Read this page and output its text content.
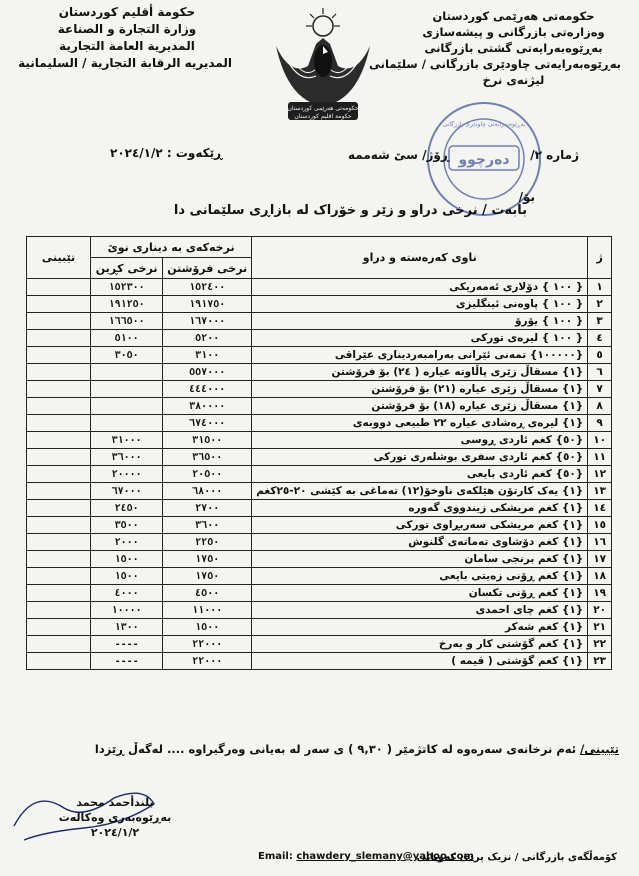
حکومەتی هەرێمی کوردستان
وەزارەتی بازرگانی و پیشەسازی
بەڕێوەبەرایەتی گشتی بازرگانی
بەڕێوەبەرایەتی چاودێری بازرگانی / سلێمانی
لیژنەی نرخ
حكومة أقليم كوردستان
وزارة التجارة و الصناعة
المديرية العامة التجارية
المديريه الرقابة التجارية / السليمانية
حکومەتی هەرێمی کوردستان
حكومة اقليم كوردستان
دەرچوو
بەڕێوەبەرایەتی چاودێری بازرگانی
ژمارە ٢/
ڕۆژ/ سێ شەممە
ڕێکەوت : ٢٠٢٤/١/٢
بۆ/
بابەت / نرخی دراو و زێر و خۆراک لە بازاڕی سلێمانی دا
ژ	ناوی کەرەستە و دراو	نرخەکەی بە دیناری نوێ		تێبینی
		نرخی فرۆشتن	نرخی کڕین	
١	{ ١٠٠ } دۆلاری ئەمەریکی	١٥٢٤٠٠	١٥٢٣٠٠	
٢	{ ١٠٠ } پاوەنی ئینگلیزی	١٩١٧٥٠	١٩١٢٥٠	
٣	{ ١٠٠ } یۆرۆ	١٦٧٠٠٠	١٦٦٥٠٠	
٤	{ ١٠٠ } لیرەی تورکی	٥٢٠٠	٥١٠٠	
٥	{١٠٠٠٠٠} تمەنی ئێرانی بەرامبەردیناری عێراقی	٣١٠٠	٣٠٥٠	
٦	{١} مسقاڵ زێری پاڵاوتە عیارە ( ٢٤) بۆ فرۆشتن	٥٥٧٠٠٠		
٧	{١} مسقاڵ زێری عیارە (٢١) بۆ فرۆشتن	٤٤٤٠٠٠		
٨	{١} مسقاڵ زێری عیارە (١٨) بۆ فرۆشتن	٣٨٠٠٠٠		
٩	{١} لیرەی ڕەشادی عیارە ٢٢ طبیعی دووبەی	٦٧٤٠٠٠		
١٠	{٥٠} کغم ئاردی ڕوسی	٣١٥٠٠	٣١٠٠٠	
١١	{٥٠} کغم ئاردی سفری بوشلەری تورکی	٣٦٥٠٠	٣٦٠٠٠	
١٢	{٥٠} کغم ئاردی بایعی	٢٠٥٠٠	٢٠٠٠٠	
١٣	{١} یەک کارتۆن هێلکەی ناوخۆ(١٢) تەماغی بە کێشی ٢٠-٢٥کغم	٦٨٠٠٠	٦٧٠٠٠	
١٤	{١} کغم مریشکی زیندووی گەورە	٢٧٠٠	٢٤٥٠	
١٥	{١} کغم مریشکی سەربڕاوی تورکی	٣٦٠٠	٣٥٠٠	
١٦	{١} کغم دۆشاوی تەماتەی گلنوش	٢٢٥٠	٢٠٠٠	
١٧	{١} کغم برنجی سامان	١٧٥٠	١٥٠٠	
١٨	{١} کغم ڕۆنی زەیتی بایعی	١٧٥٠	١٥٠٠	
١٩	{١} کغم ڕۆنی تکسان	٤٥٠٠	٤٠٠٠	
٢٠	{١} کغم چای احمدی	١١٠٠٠	١٠٠٠٠	
٢١	{١} کغم شەکر	١٥٠٠	١٣٠٠	
٢٢	{١} کغم گۆشتی کار و بەرخ	٢٢٠٠٠	----	
٢٣	{١} کغم گۆشتی ( قیمە )	٢٢٠٠٠	----	
تێبینی/ ئەم نرخانەی سەرەوە لە کاتژمێر ( ٩,٣٠ ) ی سەر لە بەیانی وەرگیراوە .... لەگەڵ ڕێزدا
بلندأحمد محمد
بەڕێوەبەری وەکالەت
٢٠٢٤/١/٢
Email: chawdery_slemany@yahoo.com
کۆمەڵگەی بازرگانی / نزیک پردی کەوبانی
